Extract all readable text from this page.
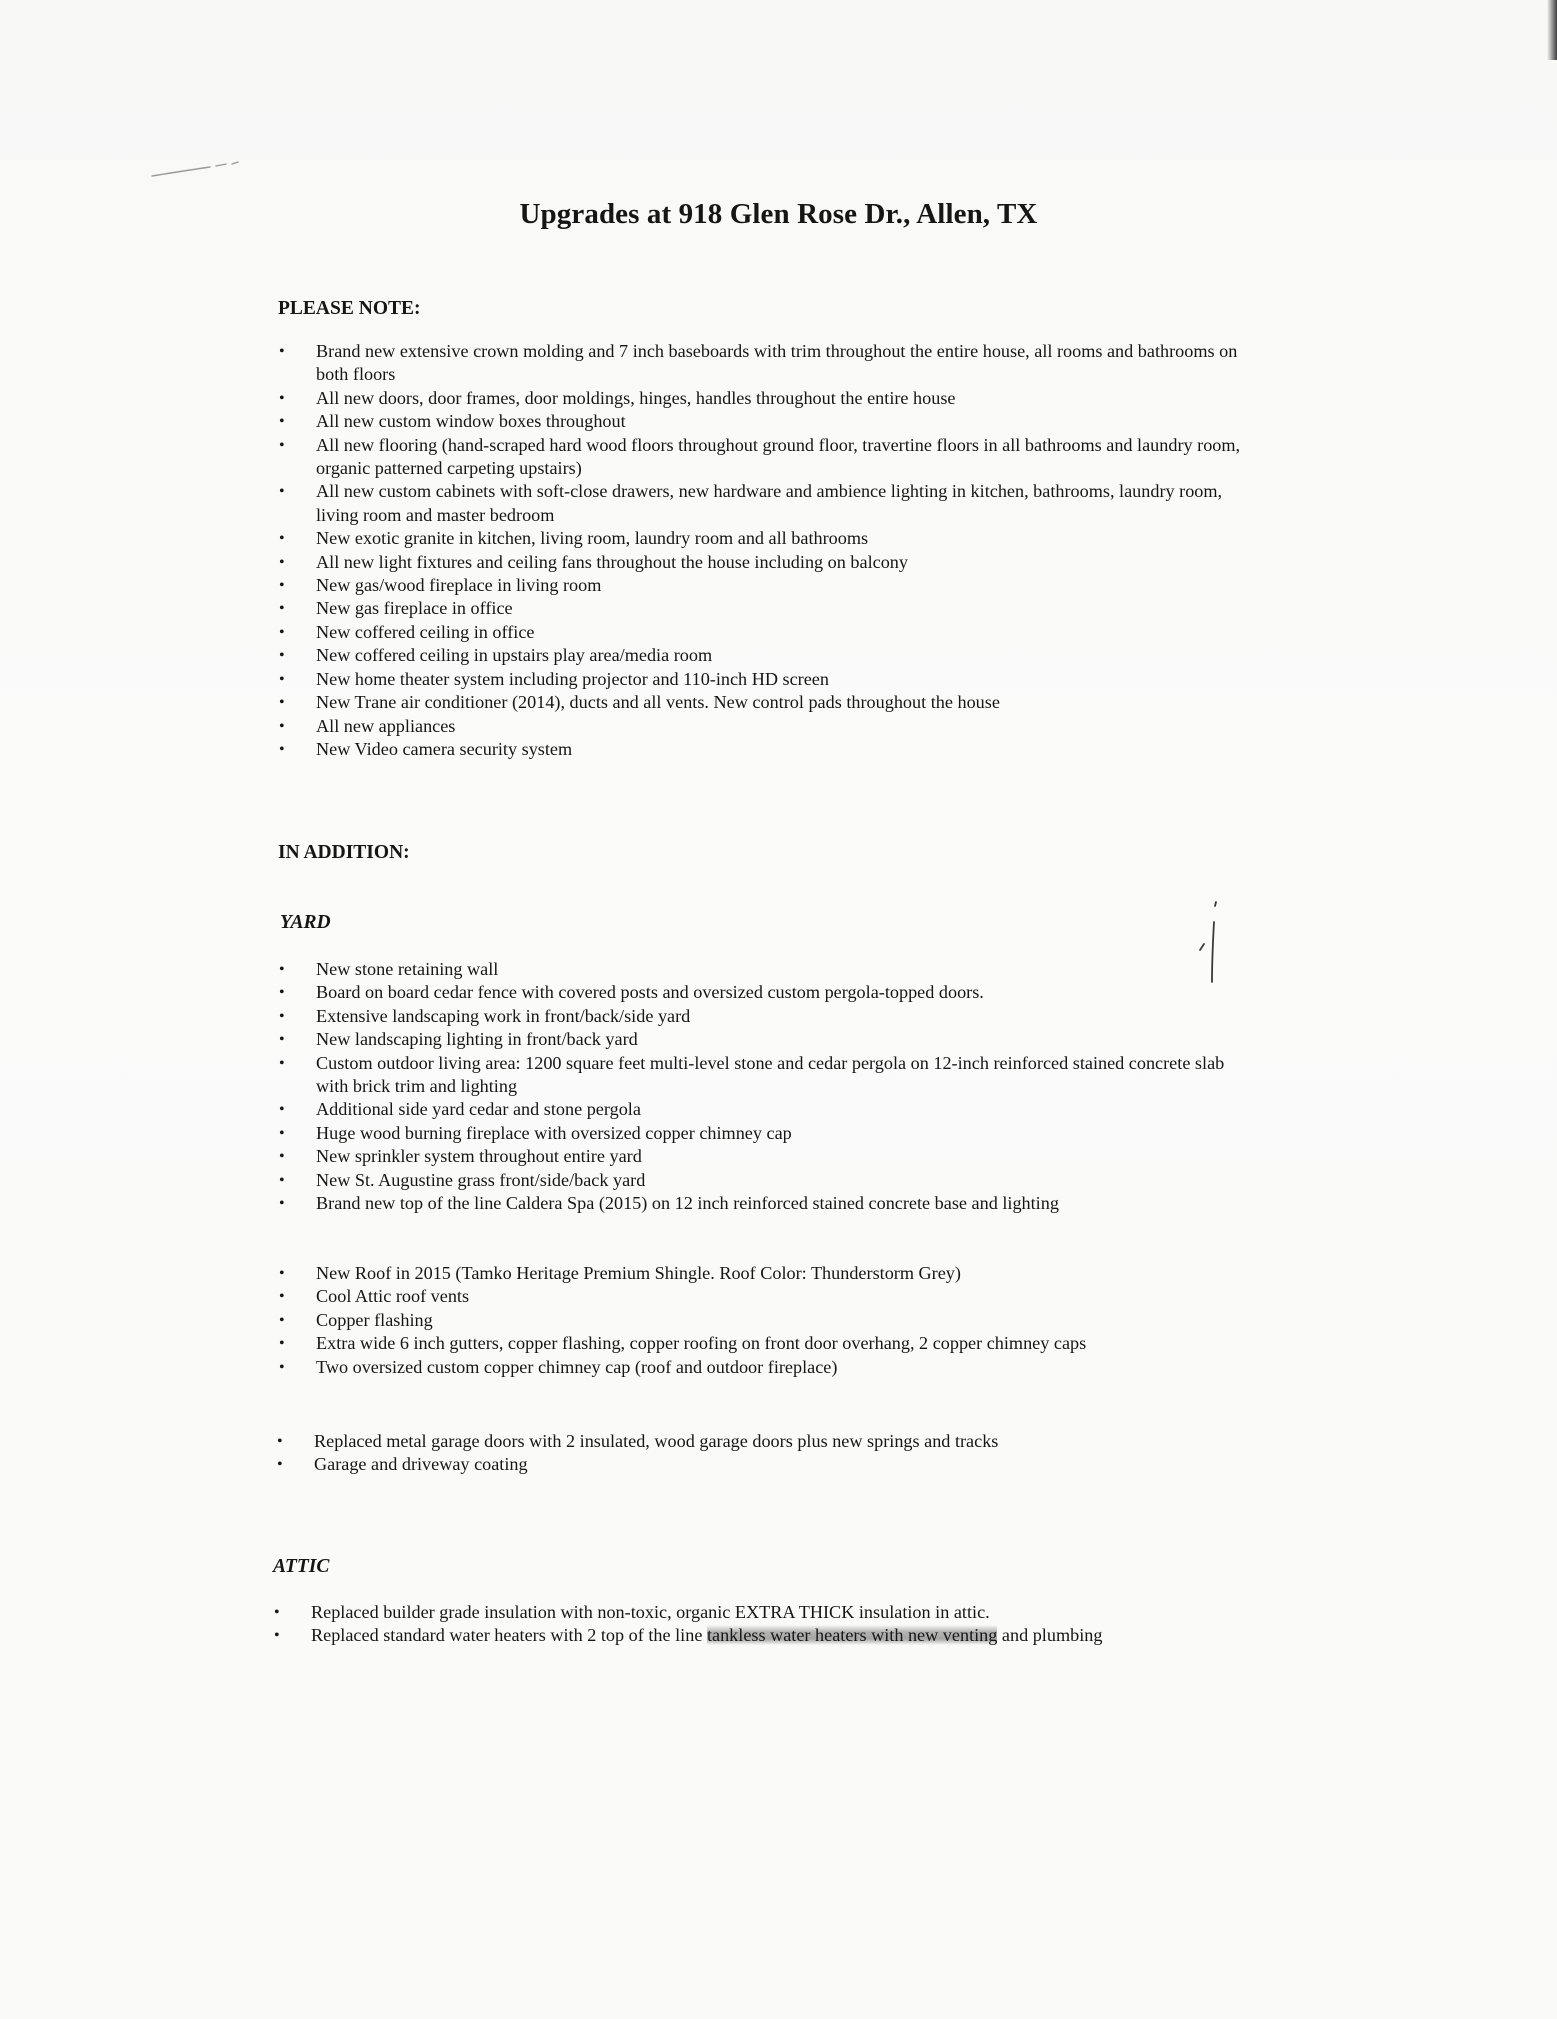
Upgrades at 918 Glen Rose Dr., Allen, TX
PLEASE NOTE:
• Brand new extensive crown molding and 7 inch baseboards with trim throughout the entire house, all rooms and bathrooms on both floors
• All new doors, door frames, door moldings, hinges, handles throughout the entire house
• All new custom window boxes throughout
• All new flooring (hand-scraped hard wood floors throughout ground floor, travertine floors in all bathrooms and laundry room, organic patterned carpeting upstairs)
• All new custom cabinets with soft-close drawers, new hardware and ambience lighting in kitchen, bathrooms, laundry room, living room and master bedroom
• New exotic granite in kitchen, living room, laundry room and all bathrooms
• All new light fixtures and ceiling fans throughout the house including on balcony
• New gas/wood fireplace in living room
• New gas fireplace in office
• New coffered ceiling in office
• New coffered ceiling in upstairs play area/media room
• New home theater system including projector and 110-inch HD screen
• New Trane air conditioner (2014), ducts and all vents. New control pads throughout the house
• All new appliances
• New Video camera security system
IN ADDITION:
YARD
• New stone retaining wall
• Board on board cedar fence with covered posts and oversized custom pergola-topped doors.
• Extensive landscaping work in front/back/side yard
• New landscaping lighting in front/back yard
• Custom outdoor living area: 1200 square feet multi-level stone and cedar pergola on 12-inch reinforced stained concrete slab with brick trim and lighting
• Additional side yard cedar and stone pergola
• Huge wood burning fireplace with oversized copper chimney cap
• New sprinkler system throughout entire yard
• New St. Augustine grass front/side/back yard
• Brand new top of the line Caldera Spa (2015) on 12 inch reinforced stained concrete base and lighting
• New Roof in 2015 (Tamko Heritage Premium Shingle. Roof Color: Thunderstorm Grey)
• Cool Attic roof vents
• Copper flashing
• Extra wide 6 inch gutters, copper flashing, copper roofing on front door overhang, 2 copper chimney caps
• Two oversized custom copper chimney cap (roof and outdoor fireplace)
• Replaced metal garage doors with 2 insulated, wood garage doors plus new springs and tracks
• Garage and driveway coating
ATTIC
• Replaced builder grade insulation with non-toxic, organic EXTRA THICK insulation in attic.
• Replaced standard water heaters with 2 top of the line tankless water heaters with new venting and plumbing
